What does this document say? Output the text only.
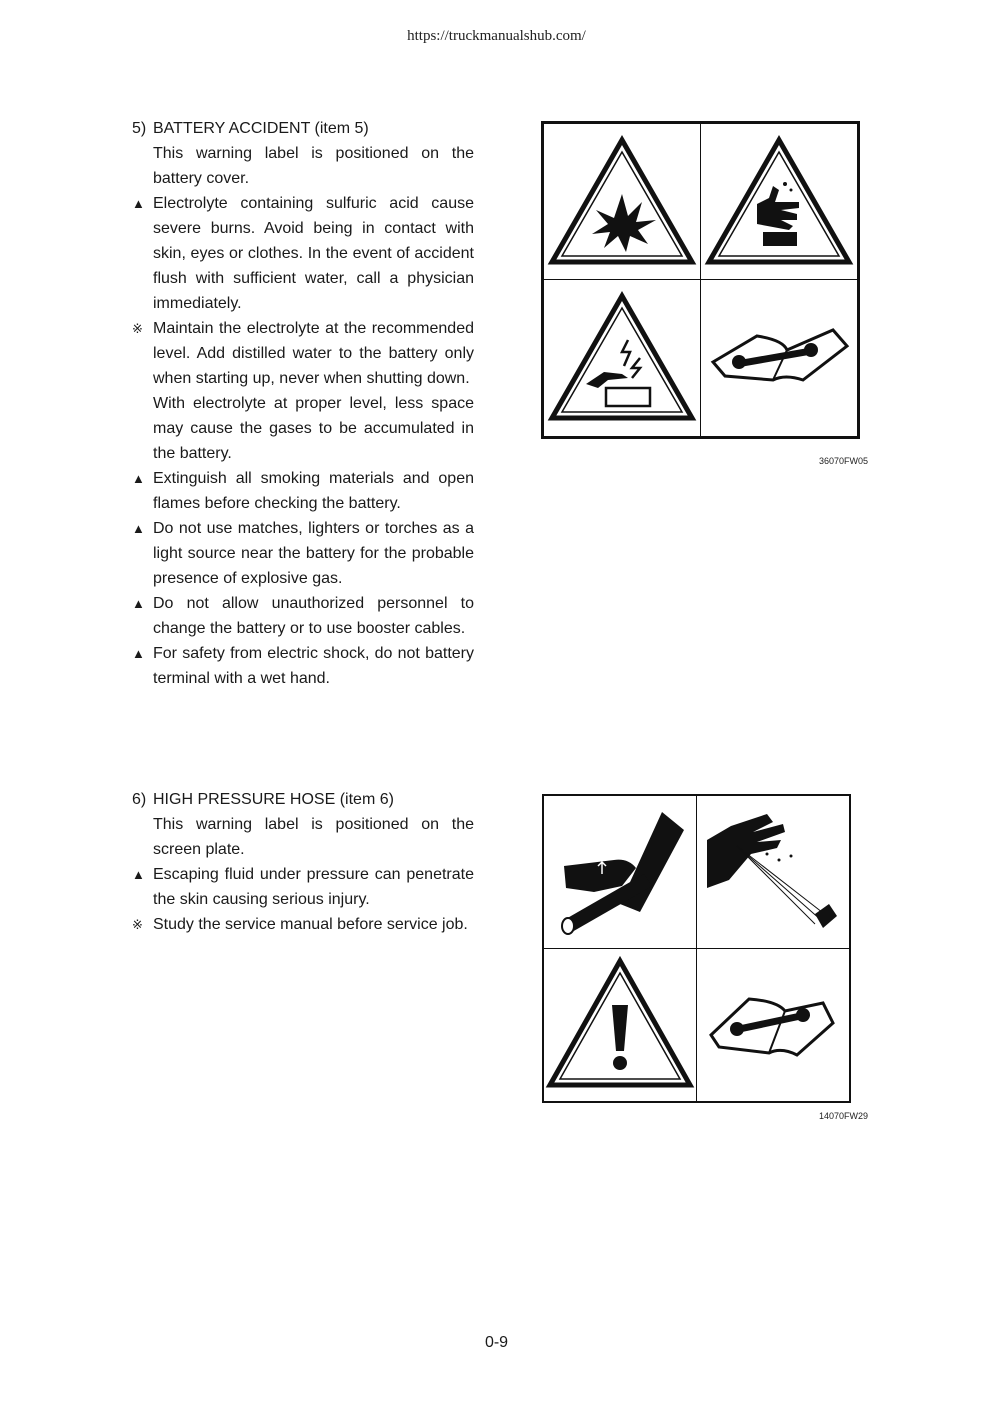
https://truckmanualshub.com/
5) BATTERY ACCIDENT (item 5)
This warning label is positioned on the battery cover.
▲ Electrolyte containing sulfuric acid cause severe burns. Avoid being in contact with skin, eyes or clothes. In the event of accident flush with sufficient water, call a physician immediately.
※ Maintain the electrolyte at the recommended level. Add distilled water to the battery only when starting up, never when shutting down.
With electrolyte at proper level, less space may cause the gases to be accumulated in the battery.
▲ Extinguish all smoking materials and open flames before checking the battery.
▲ Do not use matches, lighters or torches as a light source near the battery for the probable presence of explosive gas.
▲ Do not allow unauthorized personnel to change the battery or to use booster cables.
▲ For safety from electric shock, do not battery terminal with a wet hand.
36070FW05
6) HIGH PRESSURE HOSE (item 6)
This warning label is positioned on the screen plate.
▲ Escaping fluid under pressure can penetrate the skin causing serious injury.
※ Study the service manual before service job.
14070FW29
0-9
